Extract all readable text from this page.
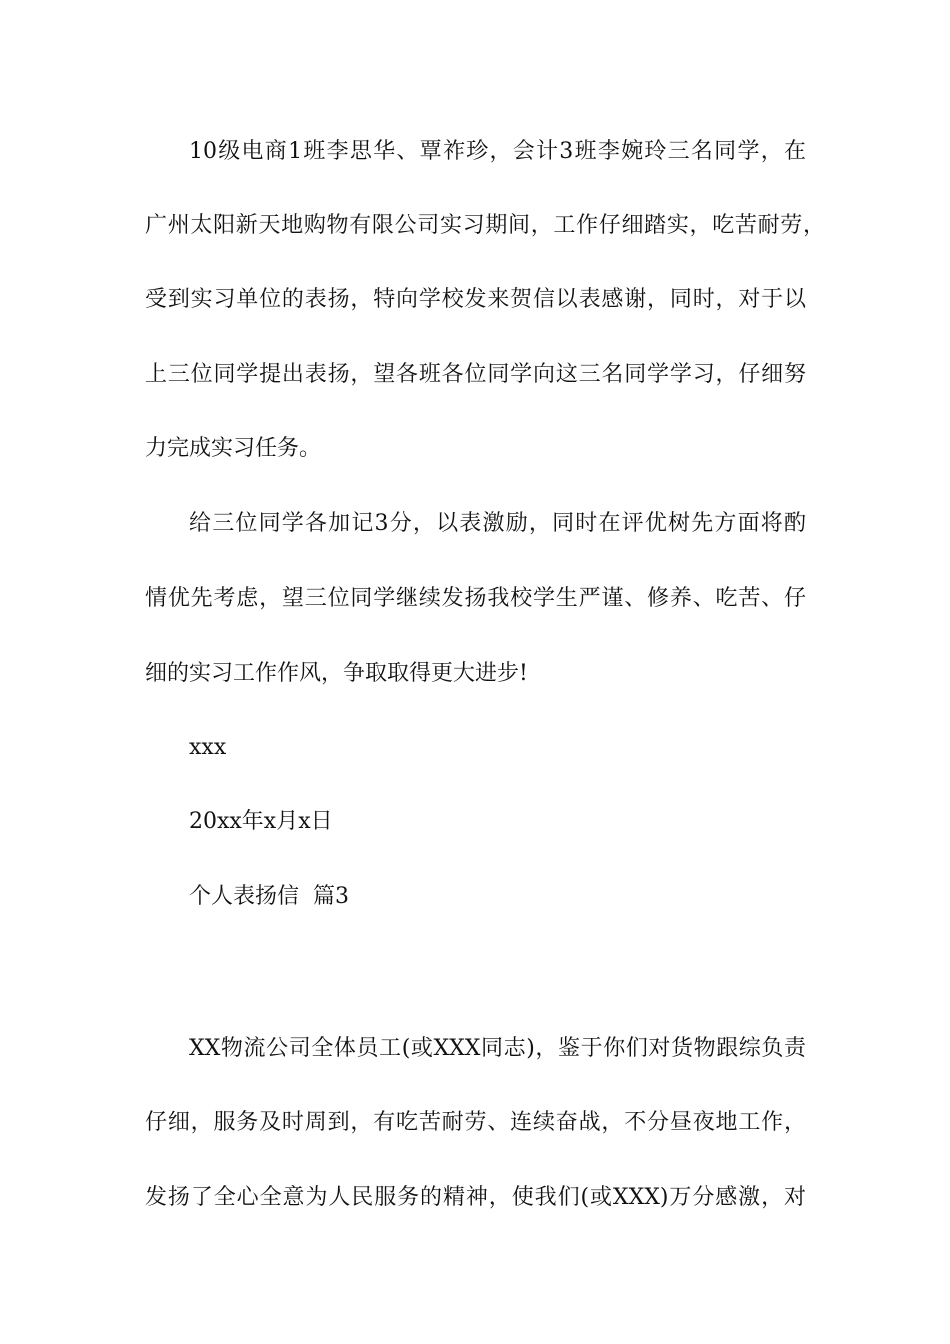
10级电商1班李思华、覃祚珍，会计3班李婉玲三名同学，在
广州太阳新天地购物有限公司实习期间，工作仔细踏实，吃苦耐劳，
受到实习单位的表扬，特向学校发来贺信以表感谢，同时，对于以
上三位同学提出表扬，望各班各位同学向这三名同学学习，仔细努
力完成实习任务。
给三位同学各加记3分，以表激励，同时在评优树先方面将酌
情优先考虑，望三位同学继续发扬我校学生严谨、修养、吃苦、仔
细的实习工作作风，争取取得更大进步!
xxx
20xx年x月x日
个人表扬信  篇3
XX物流公司全体员工(或XXX同志)，鉴于你们对货物跟综负责
仔细，服务及时周到，有吃苦耐劳、连续奋战，不分昼夜地工作，
发扬了全心全意为人民服务的精神，使我们(或XXX)万分感激，对
